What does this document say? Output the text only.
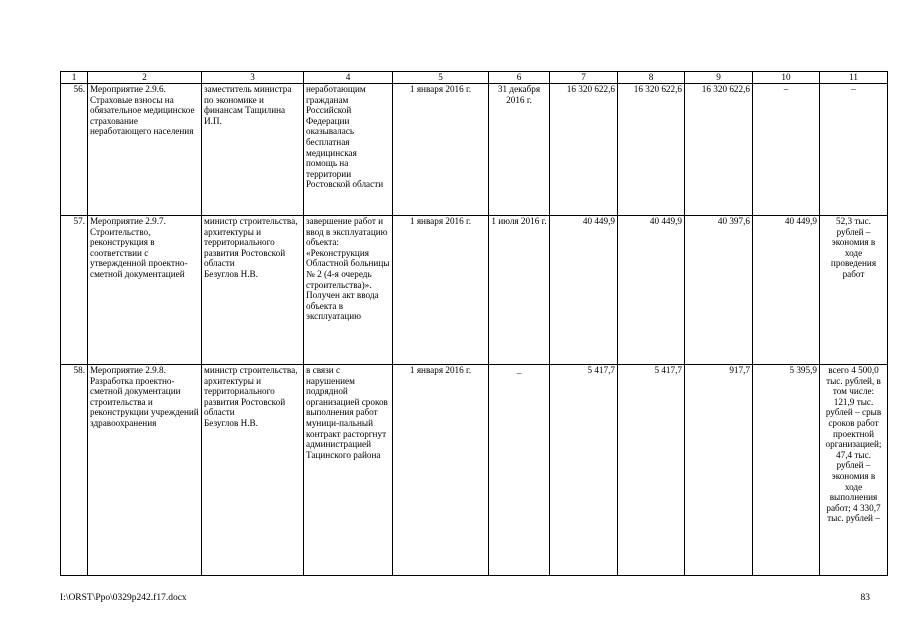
1	2	3	4	5	6	7	8	9	10	11
56.	Мероприятие 2.9.6. Страховые взносы на обязательное медицинское страхование неработающего населения	заместитель министра по экономике и финансам Тащилина И.П.	неработающим гражданам Российской Федерации оказывалась бесплатная медицинская помощь на территории Ростовской области	1 января 2016 г.	31 декабря 2016 г.	16 320 622,6	16 320 622,6	16 320 622,6	–	–
57.	Мероприятие 2.9.7. Строительство, реконструкция в соответствии с утвержденной проектно-сметной документацией	министр строительства, архитектуры и территориального развития Ростовской области
Безуглов Н.В.	завершение работ и ввод в эксплуатацию объекта: «Реконструкция Областной больницы № 2 (4-я очередь строительства)». Получен акт ввода объекта в эксплуатацию	1 января 2016 г.	1 июля 2016 г.	40 449,9	40 449,9	40 397,6	40 449,9	52,3 тыс. рублей – экономия в ходе проведения работ
58.	Мероприятие 2.9.8. Разработка проектно-сметной документации строительства и реконструкции учреждений здравоохранения	министр строительства, архитектуры и территориального развития Ростовской области
Безуглов Н.В.	в связи с нарушением подрядной организацией сроков выполнения работ муници-пальный контракт расторгнут администрацией Тацинского района	1 января 2016 г.	_	5 417,7	5 417,7	917,7	5 395,9	всего 4 500,0 тыс. рублей, в том числе: 121,9 тыс. рублей – срыв сроков работ проектной организацией; 47,4 тыс. рублей – экономия в ходе выполнения работ; 4 330,7 тыс. рублей –
I:\ORST\Ppo\0329p242.f17.docx	83
